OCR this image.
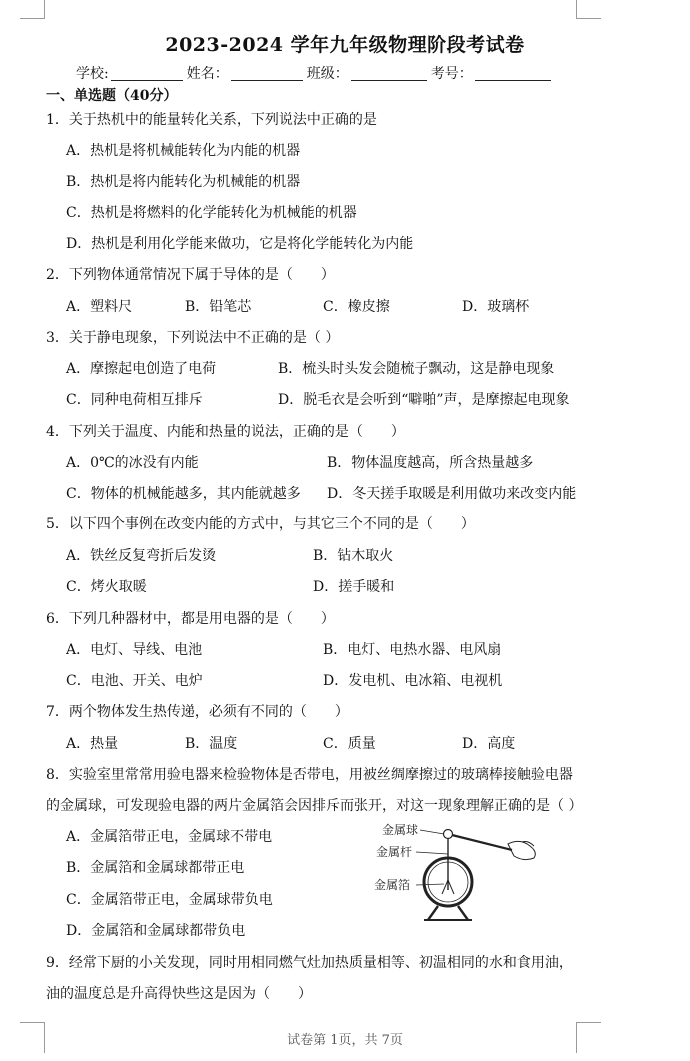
2023-2024 学年九年级物理阶段考试卷
学校:	姓名：	班级：	考号：
一、单选题（40分）
1．关于热机中的能量转化关系，下列说法中正确的是
A．热机是将机械能转化为内能的机器
B．热机是将内能转化为机械能的机器
C．热机是将燃料的化学能转化为机械能的机器
D．热机是利用化学能来做功，它是将化学能转化为内能
2．下列物体通常情况下属于导体的是（　　）
A．塑料尺	B．铅笔芯	C．橡皮擦	D．玻璃杯
3．关于静电现象，下列说法中不正确的是（ ）
A．摩擦起电创造了电荷	B．梳头时头发会随梳子飘动，这是静电现象
C．同种电荷相互排斥	D．脱毛衣是会听到“噼啪”声，是摩擦起电现象
4．下列关于温度、内能和热量的说法，正确的是（　　）
A．0℃的冰没有内能	B．物体温度越高，所含热量越多
C．物体的机械能越多，其内能就越多 D．冬天搓手取暖是利用做功来改变内能
5．以下四个事例在改变内能的方式中，与其它三个不同的是（　　）
A．铁丝反复弯折后发烫	B．钻木取火
C．烤火取暖	D．搓手暖和
6．下列几种器材中，都是用电器的是（　　）
A．电灯、导线、电池	B．电灯、电热水器、电风扇
C．电池、开关、电炉	D．发电机、电冰箱、电视机
7．两个物体发生热传递，必须有不同的（　　）
A．热量	B．温度	C．质量	D．高度
8．实验室里常常用验电器来检验物体是否带电，用被丝绸摩擦过的玻璃棒接触验电器
的金属球，可发现验电器的两片金属箔会因排斥而张开，对这一现象理解正确的是（ ）
A．金属箔带正电，金属球不带电
B．金属箔和金属球都带正电
C．金属箔带正电，金属球带负电
D．金属箔和金属球都带负电
金属球
金属杆
金属箔
9．经常下厨的小关发现，同时用相同燃气灶加热质量相等、初温相同的水和食用油，
油的温度总是升高得快些这是因为（　　）
试卷第 1页，共 7页
